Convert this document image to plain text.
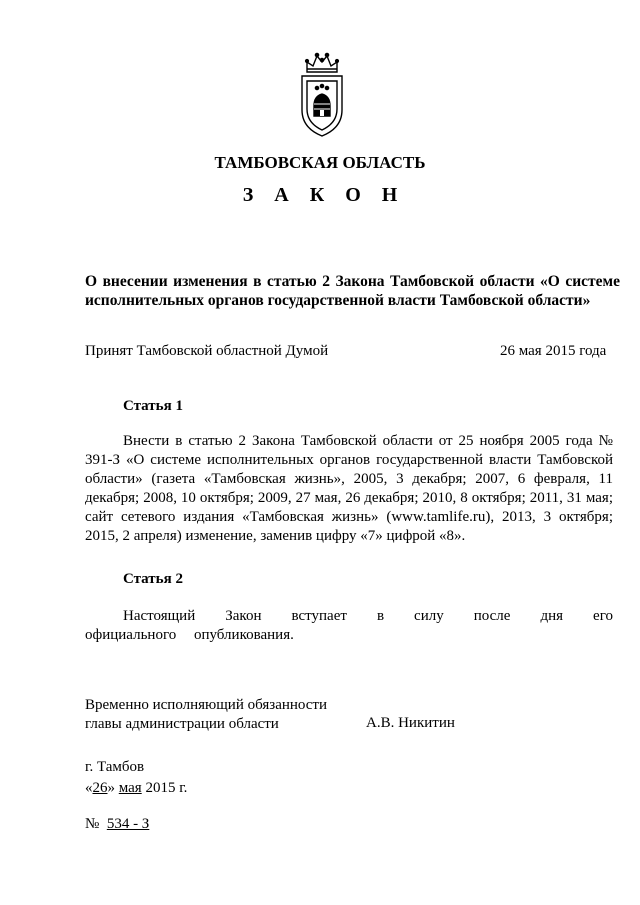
ТАМБОВСКАЯ ОБЛАСТЬ
З А К О Н
О внесении изменения в статью 2 Закона Тамбовской области «О системе
исполнительных органов государственной власти Тамбовской области»
Принят Тамбовской областной Думой	26 мая 2015 года
Статья 1
Внести в статью 2 Закона Тамбовской области от 25 ноября 2005 года № 391-З «О системе исполнительных органов государственной власти Тамбовской области» (газета «Тамбовская жизнь», 2005, 3 декабря; 2007, 6 февраля, 11 декабря; 2008, 10 октября; 2009, 27 мая, 26 декабря; 2010, 8 октября; 2011, 31 мая; сайт сетевого издания «Тамбовская жизнь» (www.tamlife.ru), 2013, 3 октября; 2015, 2 апреля) изменение, заменив цифру «7» цифрой «8».
Статья 2
Настоящий Закон вступает в силу после дня его официального опубликования.
Временно исполняющий обязанности
главы администрации области	А.В. Никитин
г. Тамбов
«26» мая 2015 г.
№ 534 - З
